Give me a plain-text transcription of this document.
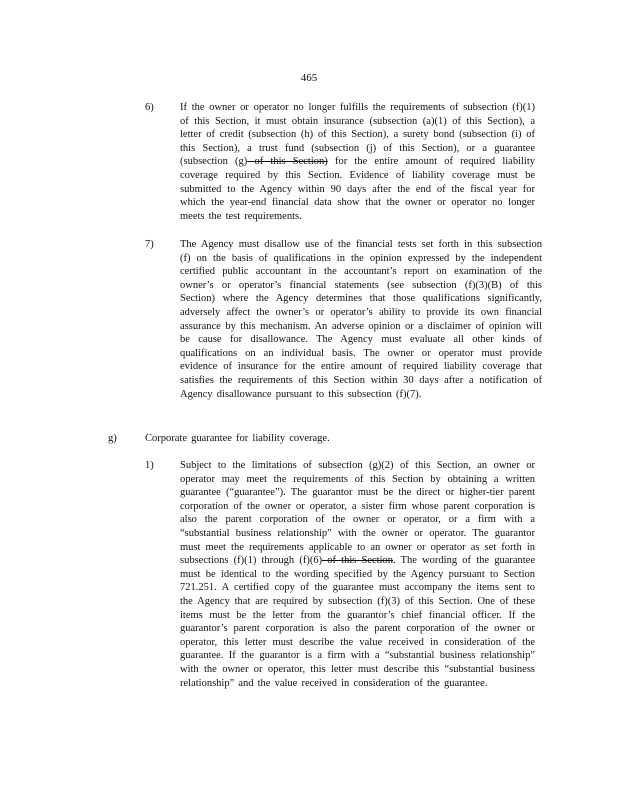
465
6)	If the owner or operator no longer fulfills the requirements of subsection (f)(1) of this Section, it must obtain insurance (subsection (a)(1) of this Section), a letter of credit (subsection (h) of this Section), a surety bond (subsection (i) of this Section), a trust fund (subsection (j) of this Section), or a guarantee (subsection (g) of this Section) for the entire amount of required liability coverage required by this Section. Evidence of liability coverage must be submitted to the Agency within 90 days after the end of the fiscal year for which the year-end financial data show that the owner or operator no longer meets the test requirements.
7)	The Agency must disallow use of the financial tests set forth in this subsection (f) on the basis of qualifications in the opinion expressed by the independent certified public accountant in the accountant’s report on examination of the owner’s or operator’s financial statements (see subsection (f)(3)(B) of this Section) where the Agency determines that those qualifications significantly, adversely affect the owner’s or operator’s ability to provide its own financial assurance by this mechanism. An adverse opinion or a disclaimer of opinion will be cause for disallowance. The Agency must evaluate all other kinds of qualifications on an individual basis. The owner or operator must provide evidence of insurance for the entire amount of required liability coverage that satisfies the requirements of this Section within 30 days after a notification of Agency disallowance pursuant to this subsection (f)(7).
g)	Corporate guarantee for liability coverage.
1)	Subject to the limitations of subsection (g)(2) of this Section, an owner or operator may meet the requirements of this Section by obtaining a written guarantee (“guarantee”). The guarantor must be the direct or higher-tier parent corporation of the owner or operator, a sister firm whose parent corporation is also the parent corporation of the owner or operator, or a firm with a “substantial business relationship” with the owner or operator. The guarantor must meet the requirements applicable to an owner or operator as set forth in subsections (f)(1) through (f)(6) of this Section. The wording of the guarantee must be identical to the wording specified by the Agency pursuant to Section 721.251. A certified copy of the guarantee must accompany the items sent to the Agency that are required by subsection (f)(3) of this Section. One of these items must be the letter from the guarantor’s chief financial officer. If the guarantor’s parent corporation is also the parent corporation of the owner or operator, this letter must describe the value received in consideration of the guarantee. If the guarantor is a firm with a “substantial business relationship” with the owner or operator, this letter must describe this “substantial business relationship” and the value received in consideration of the guarantee.
